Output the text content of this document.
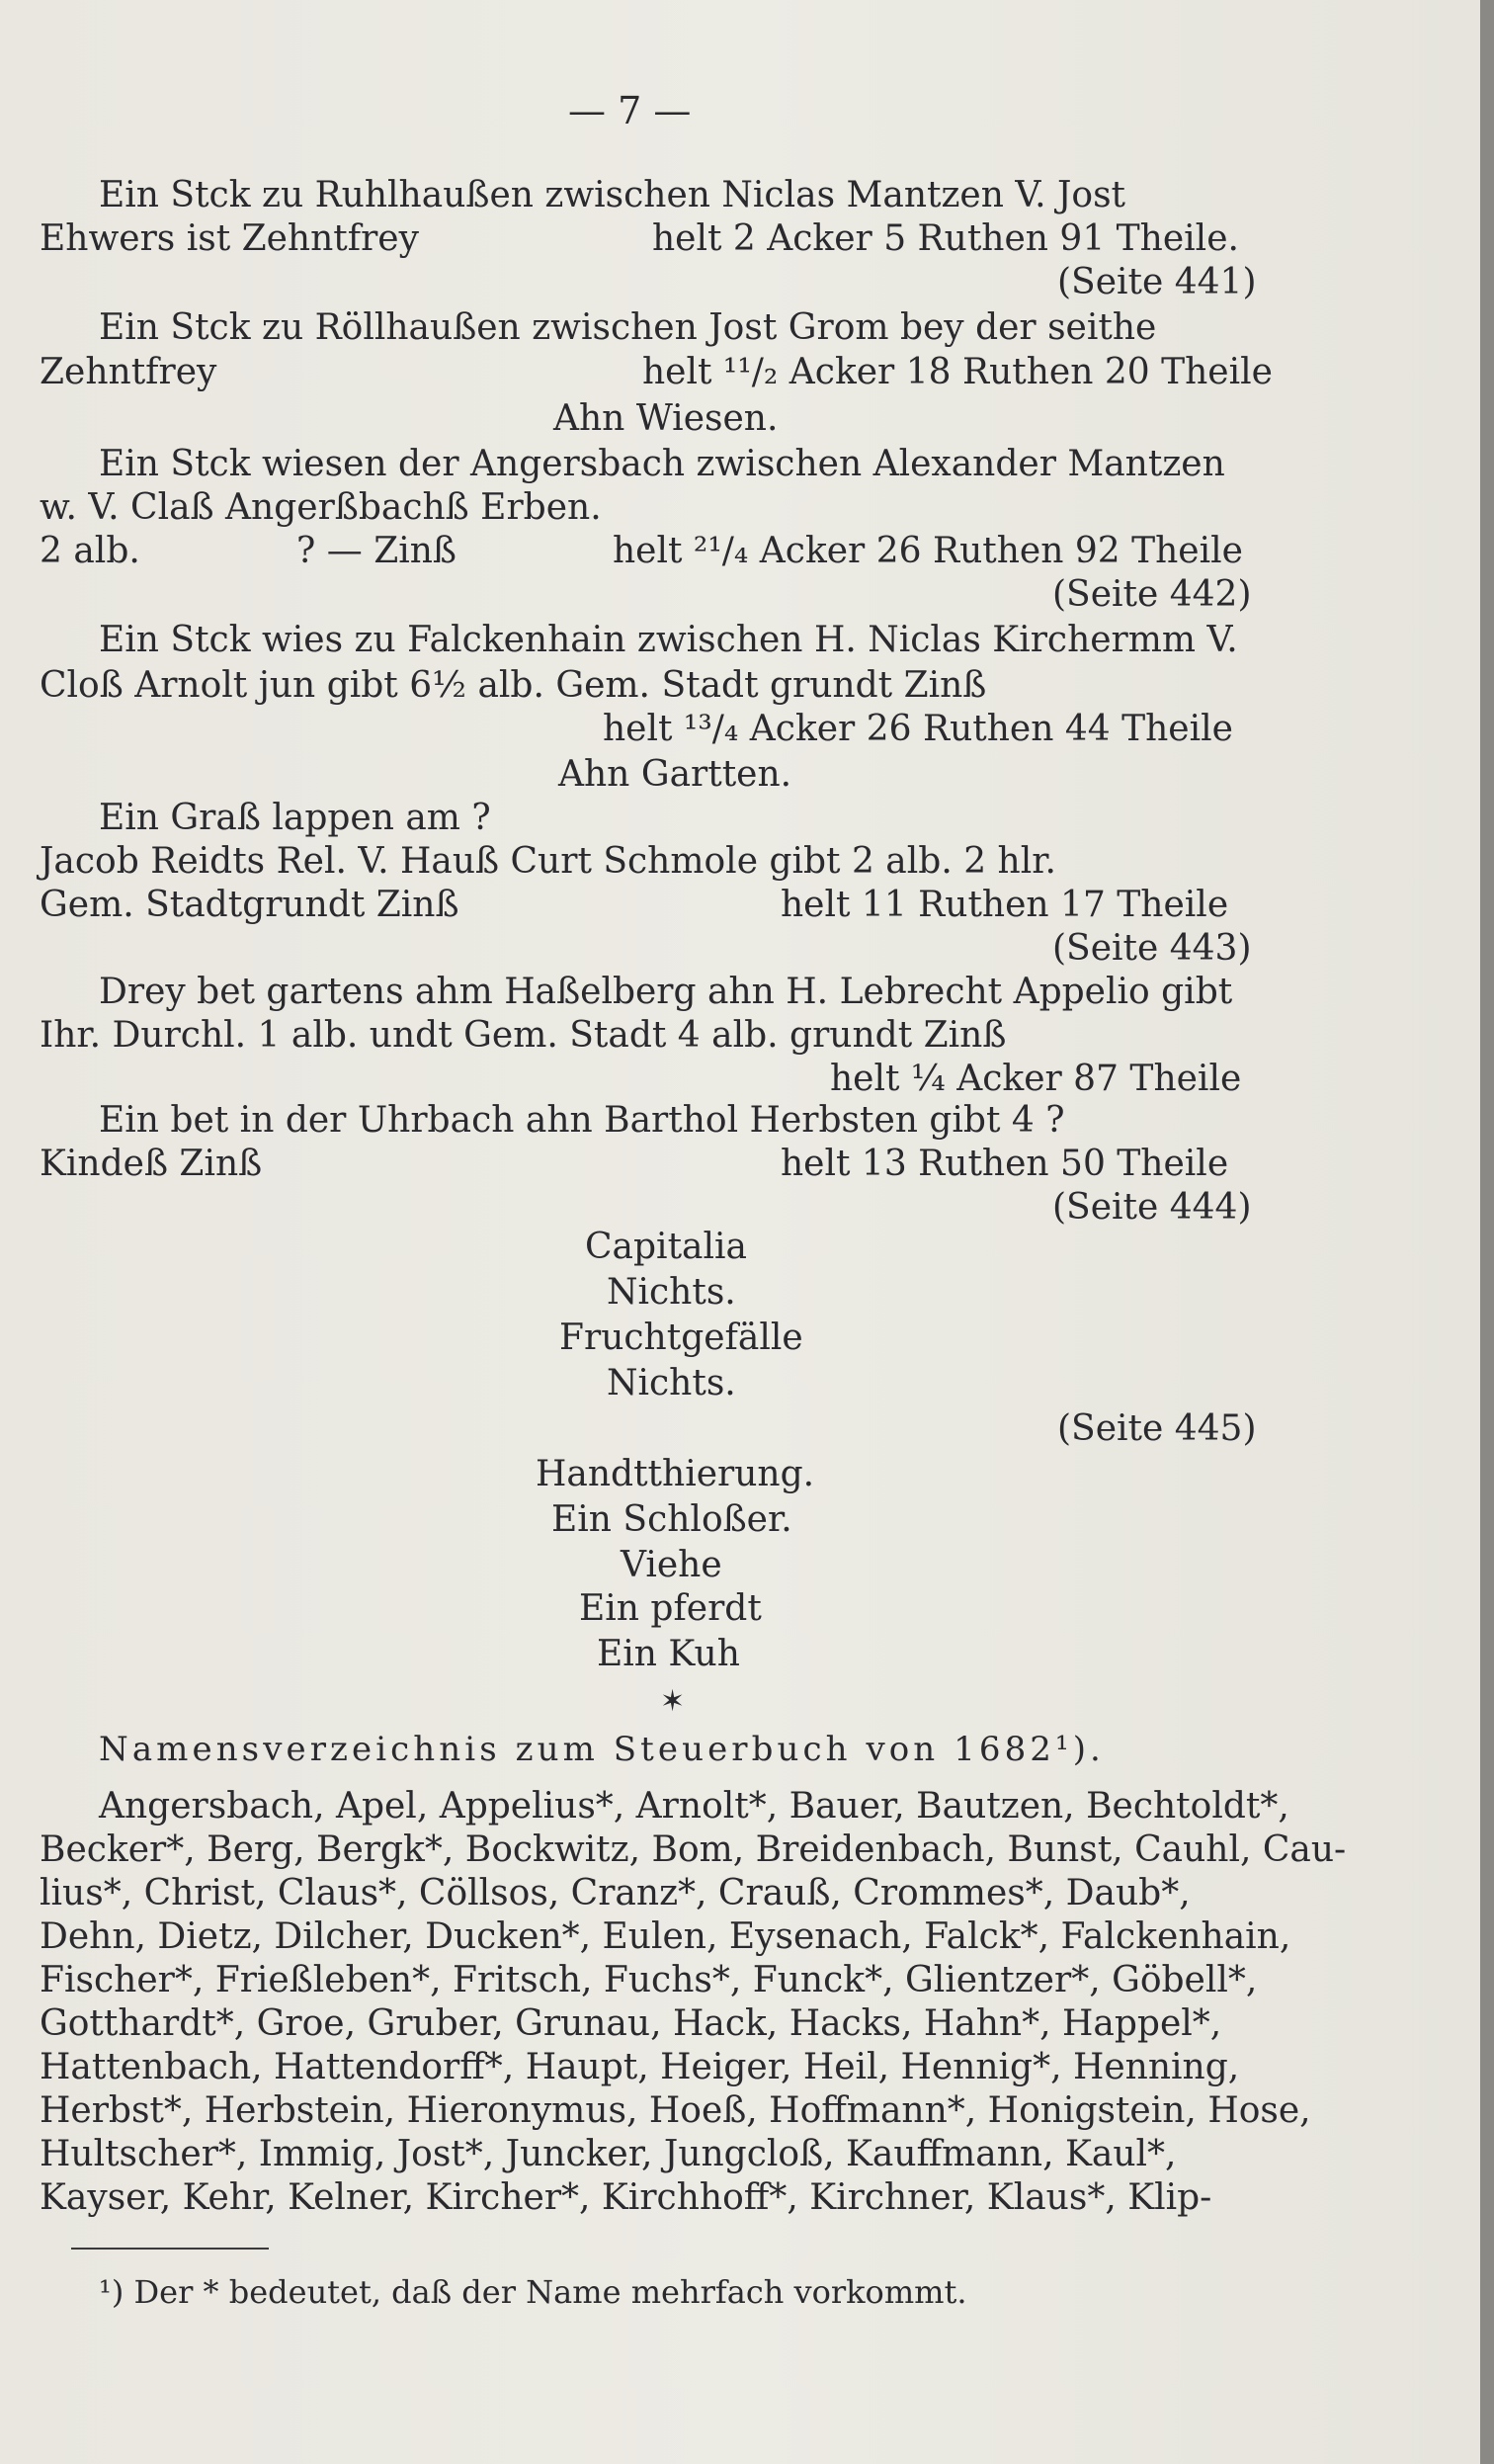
— 7 —
Ein Stck zu Ruhlhaußen zwischen Niclas Mantzen V. Jost
Ehwers ist Zehntfrey	helt 2 Acker 5 Ruthen 91 Theile.
(Seite 441)
Ein Stck zu Röllhaußen zwischen Jost Grom bey der seithe
Zehntfrey	helt ¹¹/₂ Acker 18 Ruthen 20 Theile
Ahn Wiesen.
Ein Stck wiesen der Angersbach zwischen Alexander Mantzen
w. V. Claß Angerßbachß Erben.
2 alb.	? — Zinß	helt ²¹/₄ Acker 26 Ruthen 92 Theile
(Seite 442)
Ein Stck wies zu Falckenhain zwischen H. Niclas Kirchermm V.
Cloß Arnolt jun gibt 6½ alb. Gem. Stadt grundt Zinß
helt ¹³/₄ Acker 26 Ruthen 44 Theile
Ahn Gartten.
Ein Graß lappen am ?
Jacob Reidts Rel. V. Hauß Curt Schmole gibt 2 alb. 2 hlr.
Gem. Stadtgrundt Zinß	helt 11 Ruthen 17 Theile
(Seite 443)
Drey bet gartens ahm Haßelberg ahn H. Lebrecht Appelio gibt
Ihr. Durchl. 1 alb. undt Gem. Stadt 4 alb. grundt Zinß
helt ¼ Acker 87 Theile
Ein bet in der Uhrbach ahn Barthol Herbsten gibt 4 ?
Kindeß Zinß	helt 13 Ruthen 50 Theile
(Seite 444)
Capitalia
Nichts.
Fruchtgefälle
Nichts.
(Seite 445)
Handtthierung.
Ein Schloßer.
Viehe
Ein pferdt
Ein Kuh
✶
Namensverzeichnis zum Steuerbuch von 1682¹).
Angersbach, Apel, Appelius*, Arnolt*, Bauer, Bautzen, Bechtoldt*,
Becker*, Berg, Bergk*, Bockwitz, Bom, Breidenbach, Bunst, Cauhl, Cau-
lius*, Christ, Claus*, Cöllsos, Cranz*, Crauß, Crommes*, Daub*,
Dehn, Dietz, Dilcher, Ducken*, Eulen, Eysenach, Falck*, Falckenhain,
Fischer*, Frießleben*, Fritsch, Fuchs*, Funck*, Glientzer*, Göbell*,
Gotthardt*, Groe, Gruber, Grunau, Hack, Hacks, Hahn*, Happel*,
Hattenbach, Hattendorff*, Haupt, Heiger, Heil, Hennig*, Henning,
Herbst*, Herbstein, Hieronymus, Hoeß, Hoffmann*, Honigstein, Hose,
Hultscher*, Immig, Jost*, Juncker, Jungcloß, Kauffmann, Kaul*,
Kayser, Kehr, Kelner, Kircher*, Kirchhoff*, Kirchner, Klaus*, Klip-
¹) Der * bedeutet, daß der Name mehrfach vorkommt.
